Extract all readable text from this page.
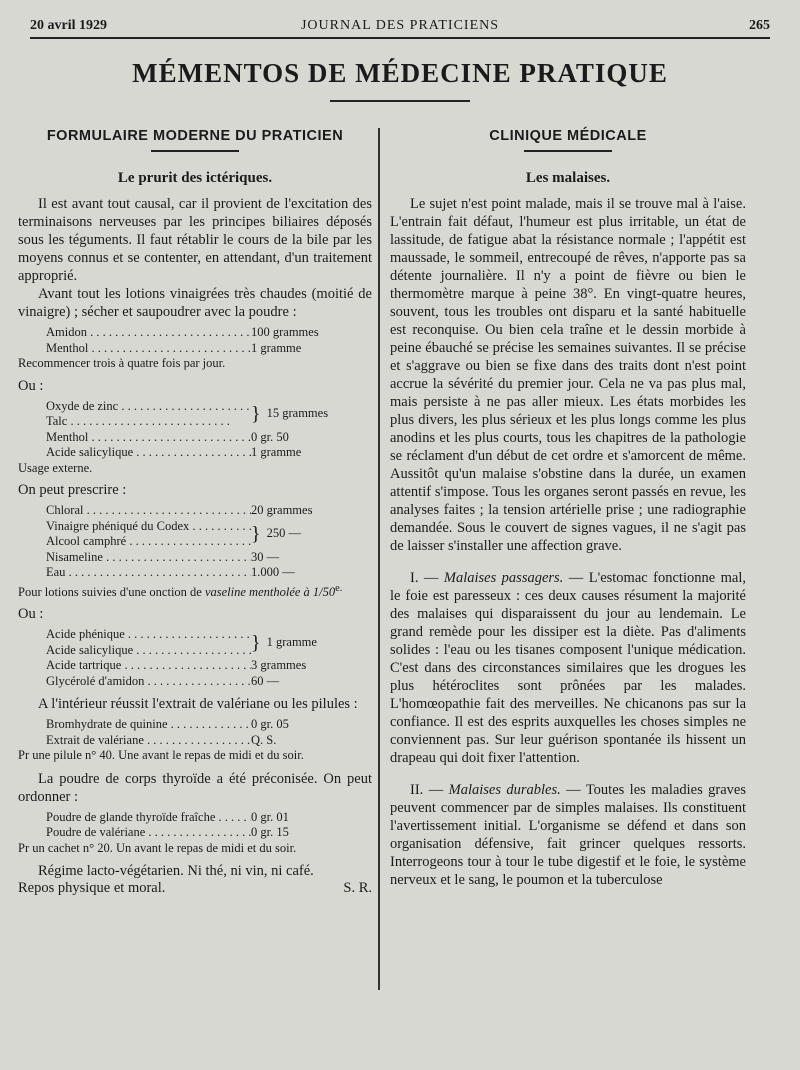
20 avril 1929	JOURNAL DES PRATICIENS	265
MÉMENTOS DE MÉDECINE PRATIQUE
FORMULAIRE MODERNE DU PRATICIEN
Le prurit des ictériques.

Il est avant tout causal, car il provient de l'excitation des terminaisons nerveuses par les principes biliaires déposés sous les téguments. Il faut rétablir le cours de la bile par les moyens connus et se contenter, en attendant, d'un traitement approprié.

Avant tout les lotions vinaigrées très chaudes (moitié de vinaigre) ; sécher et saupoudrer avec la poudre :

Amidon . . .	100 grammes
Menthol . . .	1 gramme
Recommencer trois à quatre fois par jour.
Ou :
Oxyde de zinc . . .
Talc . . .	} 15 grammes
Menthol . . .	0 gr. 50
Acide salicylique . . .	1 gramme
Usage externe.
On peut prescrire :
Chloral . . .	20 grammes
Vinaigre phéniqué du Codex . . .
Alcool camphré . . .	} 250 —
Nisameline . . .	30 —
Eau . . .	1.000 —
Pour lotions suivies d'une onction de vaseline mentholée à $1/50^{e.}$
Ou :
Acide phénique . . .
Acide salicylique . . .	} 1 gramme
Acide tartrique . . .	3 grammes
Glycérolé d'amidon . . .	60 —

A l'intérieur réussit l'extrait de valériane ou les pilules :

Bromhydrate de quinine . . .	0 gr. 05
Extrait de valériane . . .	Q. S.
Pr une pilule n° 40. Une avant le repas de midi et du soir.

La poudre de corps thyroïde a été préconisée. On peut ordonner :

Poudre de glande thyroïde fraîche . . .	0 gr. 01
Poudre de valériane . . .	0 gr. 15
Pr un cachet n° 20. Un avant le repas de midi et du soir.

Régime lacto-végétarien. Ni thé, ni vin, ni café.

Repos physique et moral.	S. R.
CLINIQUE MÉDICALE
Les malaises.

Le sujet n'est point malade, mais il se trouve mal à l'aise. L'entrain fait défaut, l'humeur est plus irritable, un état de lassitude, de fatigue abat la résistance normale ; l'appétit est maussade, le sommeil, entrecoupé de rêves, n'apporte pas sa détente journalière. Il n'y a point de fièvre ou bien le thermomètre marque à peine 38°. En vingt-quatre heures, souvent, tous les troubles ont disparu et la santé habituelle est reconquise. Ou bien cela traîne et le dessin morbide à peine ébauché se précise les semaines suivantes. Il se précise et s'aggrave ou bien se fixe dans des traits dont n'est point accrue la sévérité du premier jour. Cela ne va pas plus mal, mais persiste à ne pas aller mieux. Les états morbides les plus divers, les plus sérieux et les plus longs comme les plus anodins et les plus courts, tous les chapitres de la pathologie se réclament d'un début de cet ordre et s'amorcent de même. Aussitôt qu'un malaise s'obstine dans la durée, un examen attentif s'impose. Tous les organes seront passés en revue, les analyses faites ; la tension artérielle prise ; une radiographie demandée. Sous le couvert de signes vagues, il ne s'agit pas de laisser s'installer une affection grave.

I. — Malaises passagers. — L'estomac fonctionne mal, le foie est paresseux : ces deux causes résument la majorité des malaises qui disparaissent du jour au lendemain. Le grand remède pour les dissiper est la diète. Pas d'aliments solides : l'eau ou les tisanes composent l'unique médication. C'est dans des circonstances similaires que les drogues les plus hétéroclites sont prônées par les malades. L'homœopathie fait des merveilles. Ne chicanons pas sur la confiance. Il est des esprits auxquelles les choses simples ne conviennent pas. Sur leur guérison spontanée ils hissent un drapeau qui doit fixer l'attention.

II. — Malaises durables. — Toutes les maladies graves peuvent commencer par de simples malaises. Ils constituent l'avertissement initial. L'organisme se défend et dans son organisation défensive, fait grincer quelques ressorts. Interrogeons tour à tour le tube digestif et le foie, le système nerveux et le sang, le poumon et la tuberculose
